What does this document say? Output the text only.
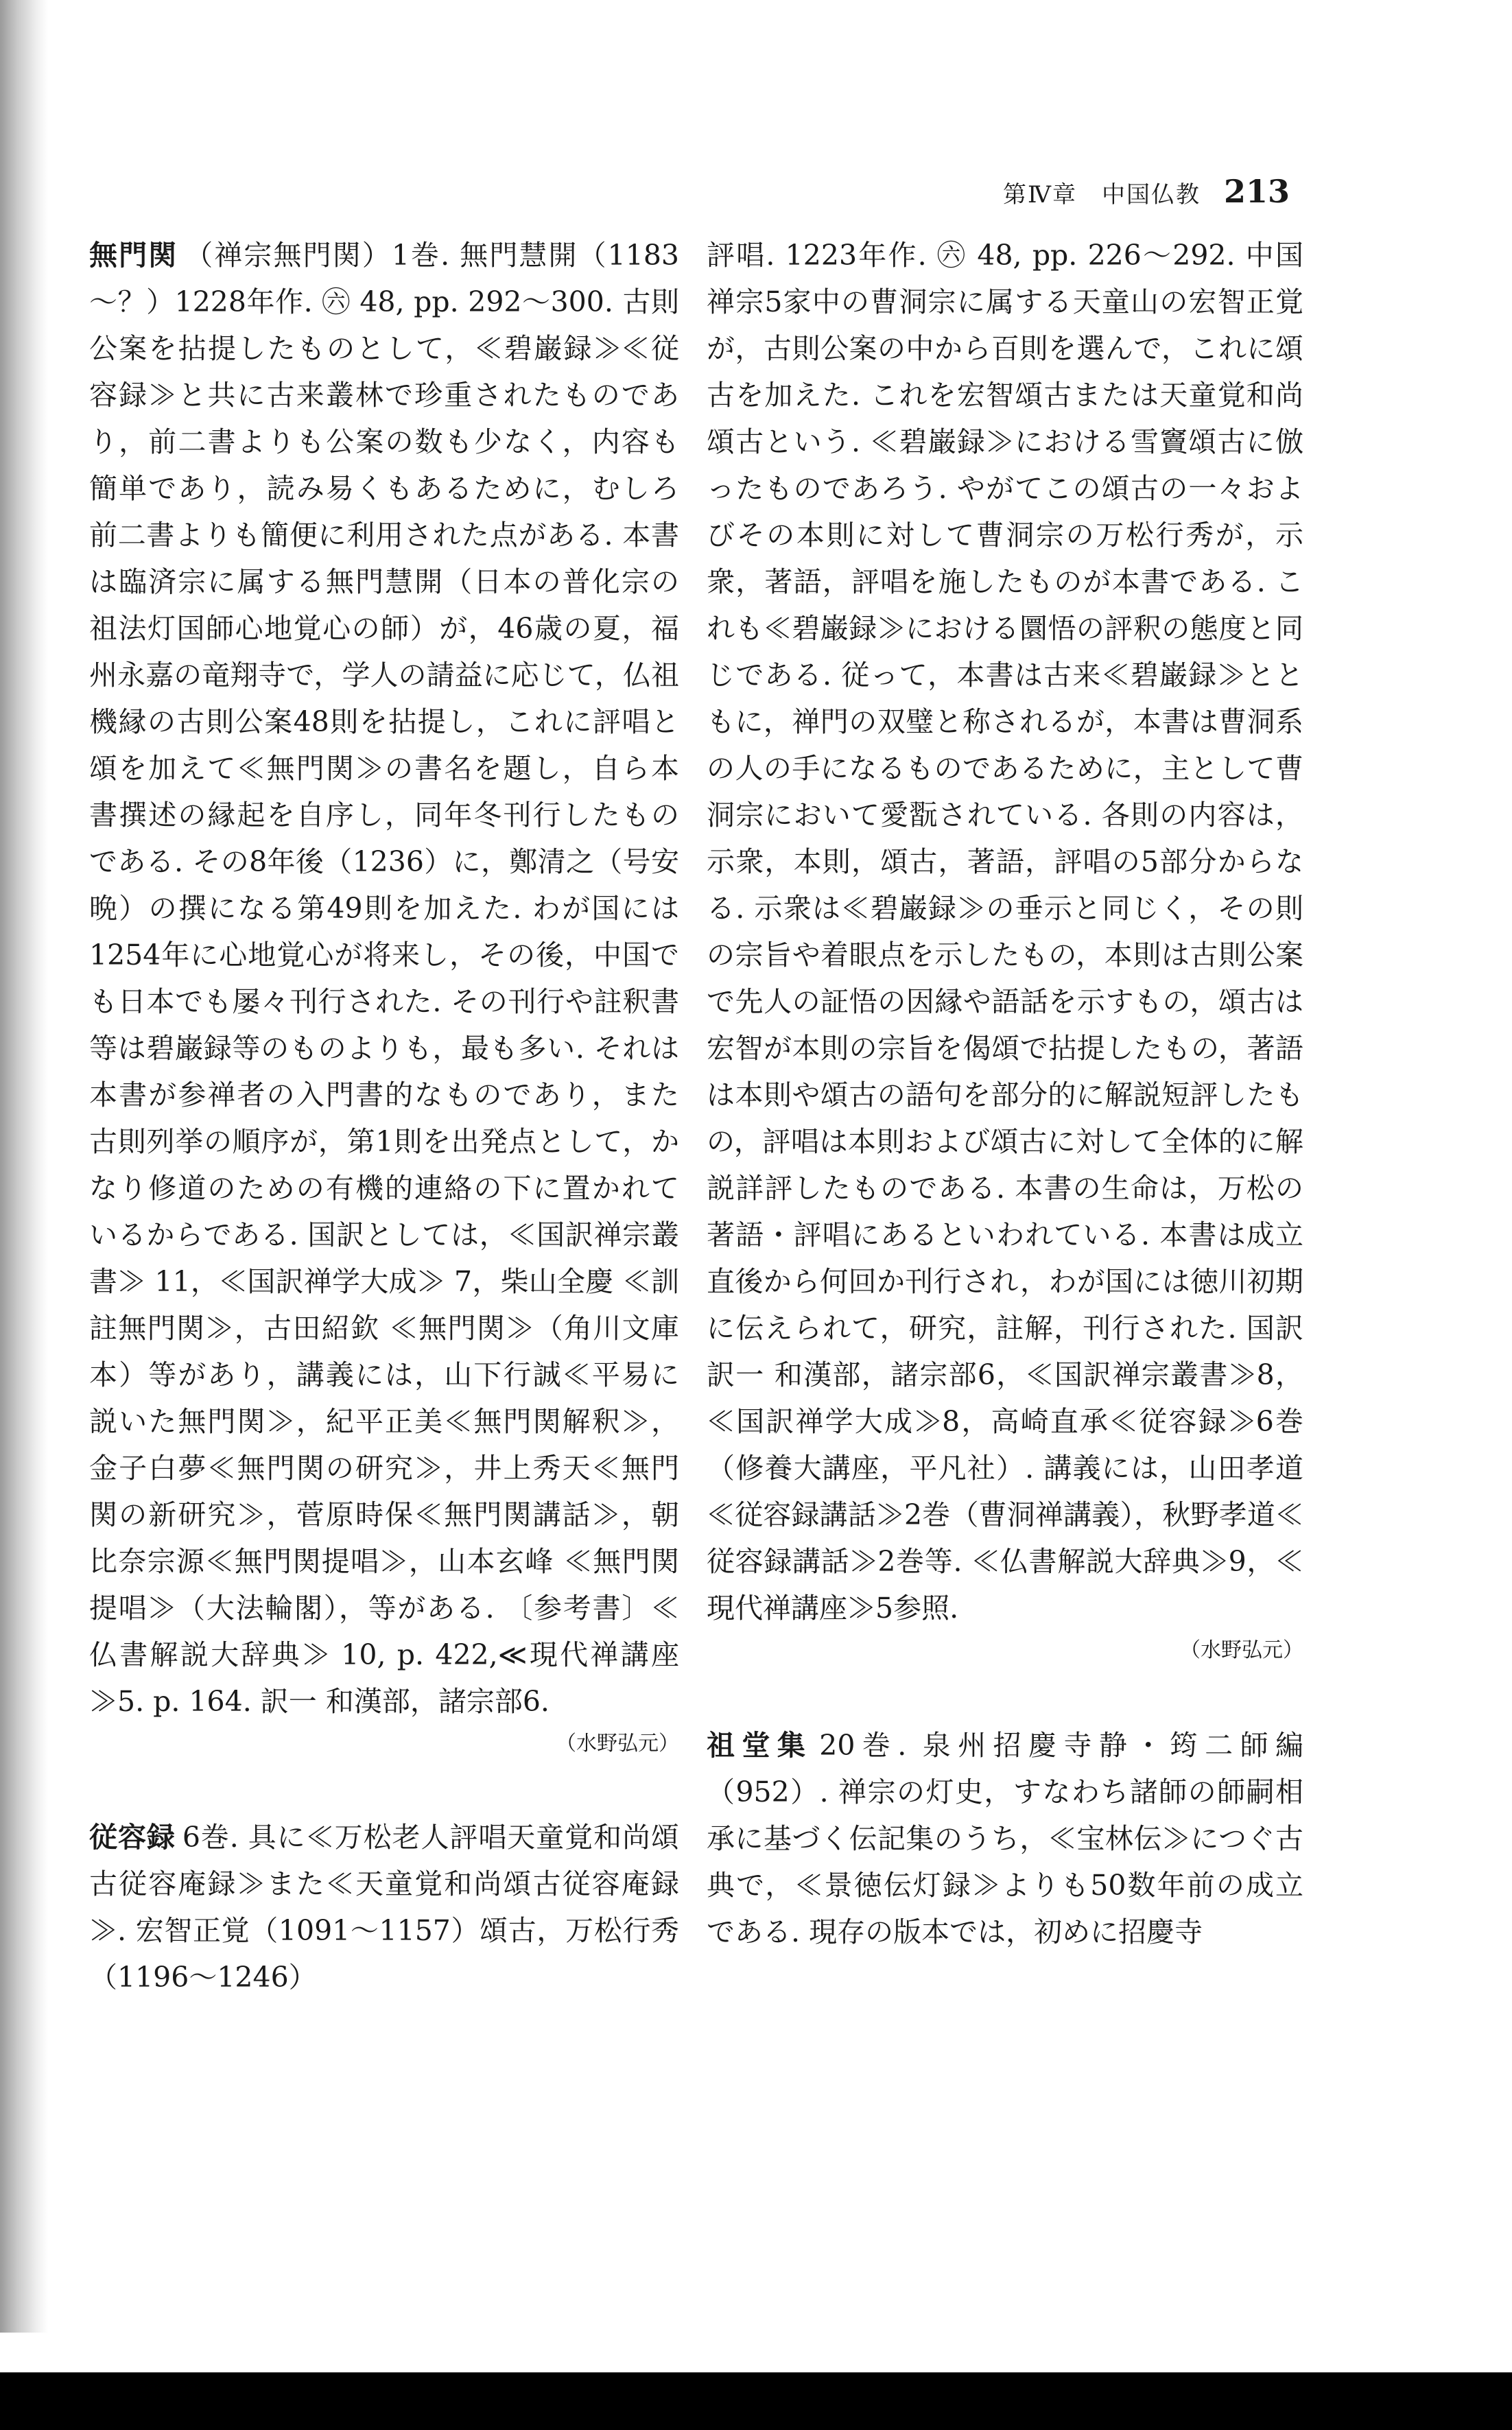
第Ⅳ章　中国仏教 213

無門関 （禅宗無門関）1巻. 無門慧開（1183～？）1228年作. ㊅ 48, pp. 292～300. 古則公案を拈提したものとして，≪碧巌録≫≪従容録≫と共に古来叢林で珍重されたものであり，前二書よりも公案の数も少なく，内容も簡単であり，読み易くもあるために，むしろ前二書よりも簡便に利用された点がある. 本書は臨済宗に属する無門慧開（日本の普化宗の祖法灯国師心地覚心の師）が，46歳の夏，福州永嘉の竜翔寺で，学人の請益に応じて，仏祖機縁の古則公案48則を拈提し，これに評唱と頌を加えて≪無門関≫の書名を題し，自ら本書撰述の縁起を自序し，同年冬刊行したものである. その8年後（1236）に，鄭清之（号安晩）の撰になる第49則を加えた. わが国には1254年に心地覚心が将来し，その後，中国でも日本でも屡々刊行された. その刊行や註釈書等は碧巌録等のものよりも，最も多い. それは本書が参禅者の入門書的なものであり，また古則列挙の順序が，第1則を出発点として，かなり修道のための有機的連絡の下に置かれているからである. 国訳としては，≪国訳禅宗叢書≫ 11，≪国訳禅学大成≫ 7，柴山全慶 ≪訓註無門関≫，古田紹欽 ≪無門関≫（角川文庫本）等があり，講義には，山下行誠≪平易に説いた無門関≫，紀平正美≪無門関解釈≫，金子白夢≪無門関の研究≫，井上秀天≪無門関の新研究≫，菅原時保≪無門関講話≫，朝比奈宗源≪無門関提唱≫，山本玄峰 ≪無門関提唱≫（大法輪閣），等がある. 〔参考書〕≪仏書解説大辞典≫ 10, p. 422,≪現代禅講座≫5. p. 164. 訳一 和漢部，諸宗部6.

（水野弘元）

従容録 6巻. 具に≪万松老人評唱天童覚和尚頌古従容庵録≫また≪天童覚和尚頌古従容庵録≫. 宏智正覚（1091～1157）頌古，万松行秀（1196～1246）

評唱. 1223年作. ㊅ 48, pp. 226～292. 中国禅宗5家中の曹洞宗に属する天童山の宏智正覚が，古則公案の中から百則を選んで，これに頌古を加えた. これを宏智頌古または天童覚和尚頌古という. ≪碧巌録≫における雪竇頌古に倣ったものであろう. やがてこの頌古の一々およびその本則に対して曹洞宗の万松行秀が，示衆，著語，評唱を施したものが本書である. これも≪碧巌録≫における圜悟の評釈の態度と同じである. 従って，本書は古来≪碧巌録≫とともに，禅門の双璧と称されるが，本書は曹洞系の人の手になるものであるために，主として曹洞宗において愛翫されている. 各則の内容は，示衆，本則，頌古，著語，評唱の5部分からなる. 示衆は≪碧巌録≫の垂示と同じく，その則の宗旨や着眼点を示したもの，本則は古則公案で先人の証悟の因縁や語話を示すもの，頌古は宏智が本則の宗旨を偈頌で拈提したもの，著語は本則や頌古の語句を部分的に解説短評したもの，評唱は本則および頌古に対して全体的に解説詳評したものである. 本書の生命は，万松の著語・評唱にあるといわれている. 本書は成立直後から何回か刊行され，わが国には徳川初期に伝えられて，研究，註解，刊行された. 国訳 訳一 和漢部，諸宗部6，≪国訳禅宗叢書≫8，≪国訳禅学大成≫8，高崎直承≪従容録≫6巻（修養大講座，平凡社）. 講義には，山田孝道≪従容録講話≫2巻（曹洞禅講義），秋野孝道≪従容録講話≫2巻等. ≪仏書解説大辞典≫9，≪現代禅講座≫5参照.

（水野弘元）

祖堂集 20巻. 泉州招慶寺静・筠二師編（952）. 禅宗の灯史，すなわち諸師の師嗣相承に基づく伝記集のうち，≪宝林伝≫につぐ古典で，≪景徳伝灯録≫よりも50数年前の成立である. 現存の版本では，初めに招慶寺
